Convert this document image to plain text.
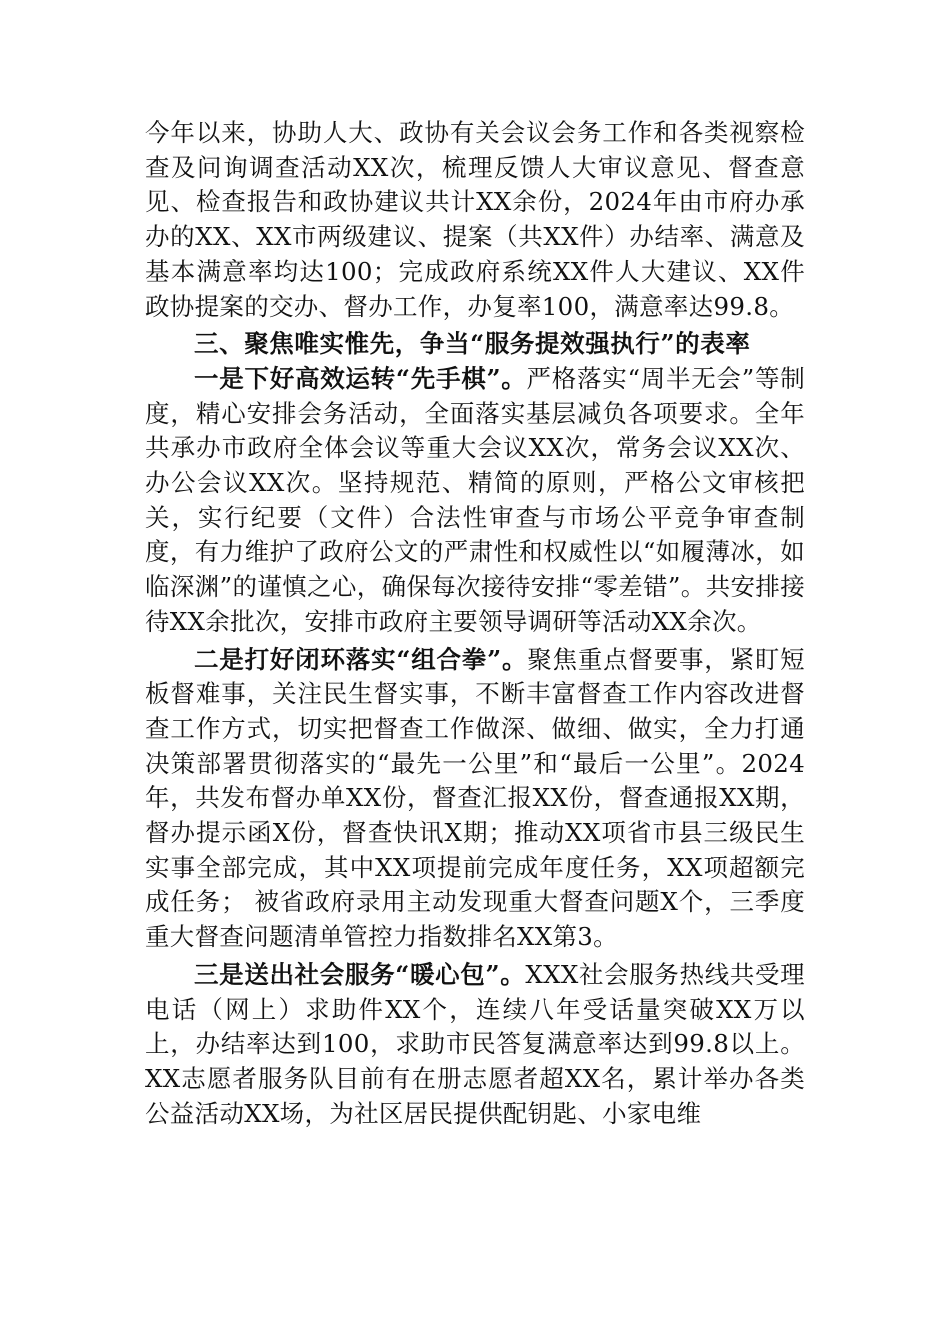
今年以来，协助人大、政协有关会议会务工作和各类视察检查及问询调查活动XX次，梳理反馈人大审议意见、督查意见、检查报告和政协建议共计XX余份，2024年由市府办承办的XX、XX市两级建议、提案（共XX件）办结率、满意及基本满意率均达100；完成政府系统XX件人大建议、XX件政协提案的交办、督办工作，办复率100，满意率达99.8。

三、聚焦唯实惟先，争当“服务提效强执行”的表率

一是下好高效运转“先手棋”。严格落实“周半无会”等制度，精心安排会务活动，全面落实基层减负各项要求。全年共承办市政府全体会议等重大会议XX次，常务会议XX次、办公会议XX次。坚持规范、精简的原则，严格公文审核把关，实行纪要（文件）合法性审查与市场公平竞争审查制度，有力维护了政府公文的严肃性和权威性以“如履薄冰，如临深渊”的谨慎之心，确保每次接待安排“零差错”。共安排接待XX余批次，安排市政府主要领导调研等活动XX余次。

二是打好闭环落实“组合拳”。聚焦重点督要事，紧盯短板督难事，关注民生督实事，不断丰富督查工作内容改进督查工作方式，切实把督查工作做深、做细、做实，全力打通决策部署贯彻落实的“最先一公里”和“最后一公里”。2024年，共发布督办单XX份，督查汇报XX份，督查通报XX期，督办提示函X份，督查快讯X期；推动XX项省市县三级民生实事全部完成，其中XX项提前完成年度任务，XX项超额完成任务； 被省政府录用主动发现重大督查问题X个，三季度重大督查问题清单管控力指数排名XX第3。

三是送出社会服务“暖心包”。XXX社会服务热线共受理电话（网上）求助件XX个，连续八年受话量突破XX万以上，办结率达到100，求助市民答复满意率达到99.8以上。XX志愿者服务队目前有在册志愿者超XX名，累计举办各类公益活动XX场，为社区居民提供配钥匙、小家电维
